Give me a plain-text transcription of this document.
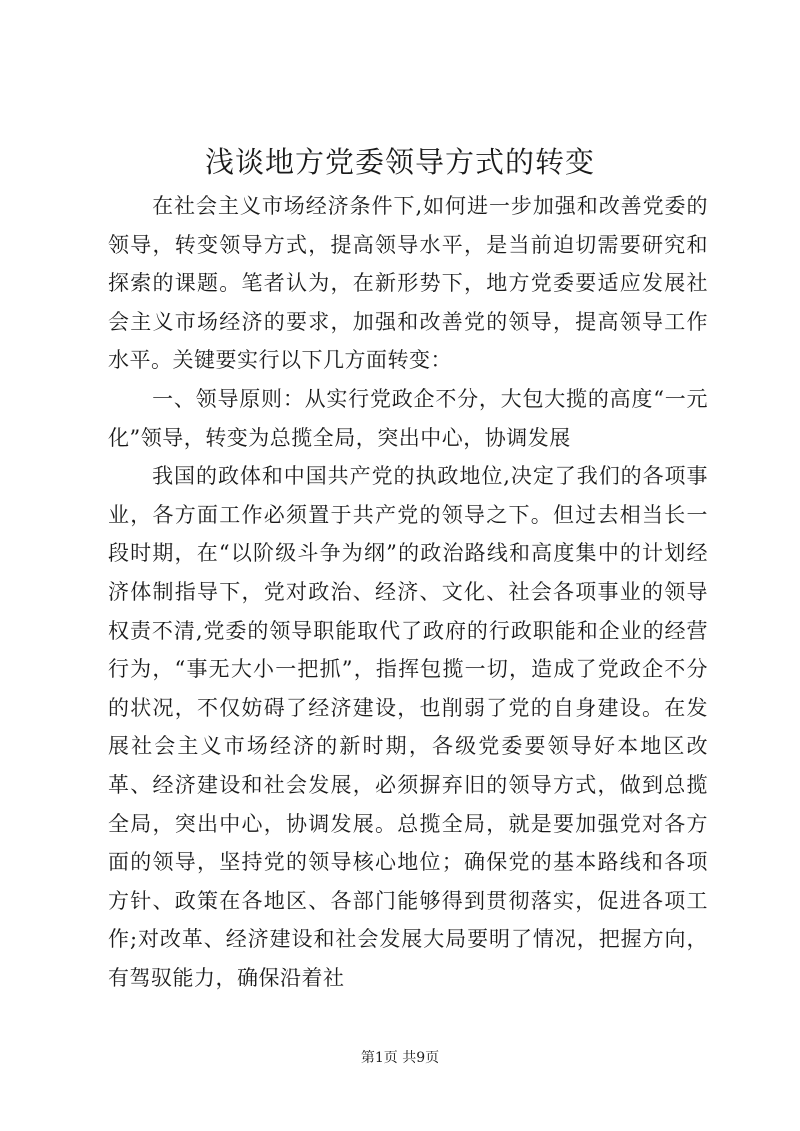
浅谈地方党委领导方式的转变

在社会主义市场经济条件下,如何进一步加强和改善党委的领导，转变领导方式，提高领导水平，是当前迫切需要研究和探索的课题。笔者认为，在新形势下，地方党委要适应发展社会主义市场经济的要求，加强和改善党的领导，提高领导工作水平。关键要实行以下几方面转变：

一、领导原则：从实行党政企不分，大包大揽的高度“一元化”领导，转变为总揽全局，突出中心，协调发展

我国的政体和中国共产党的执政地位,决定了我们的各项事业，各方面工作必须置于共产党的领导之下。但过去相当长一段时期，在“以阶级斗争为纲”的政治路线和高度集中的计划经济体制指导下，党对政治、经济、文化、社会各项事业的领导权责不清,党委的领导职能取代了政府的行政职能和企业的经营行为，“事无大小一把抓”，指挥包揽一切，造成了党政企不分的状况，不仅妨碍了经济建设，也削弱了党的自身建设。在发展社会主义市场经济的新时期，各级党委要领导好本地区改革、经济建设和社会发展，必须摒弃旧的领导方式，做到总揽全局，突出中心，协调发展。总揽全局，就是要加强党对各方面的领导，坚持党的领导核心地位；确保党的基本路线和各项方针、政策在各地区、各部门能够得到贯彻落实，促进各项工作;对改革、经济建设和社会发展大局要明了情况，把握方向，有驾驭能力，确保沿着社

第1页 共9页
